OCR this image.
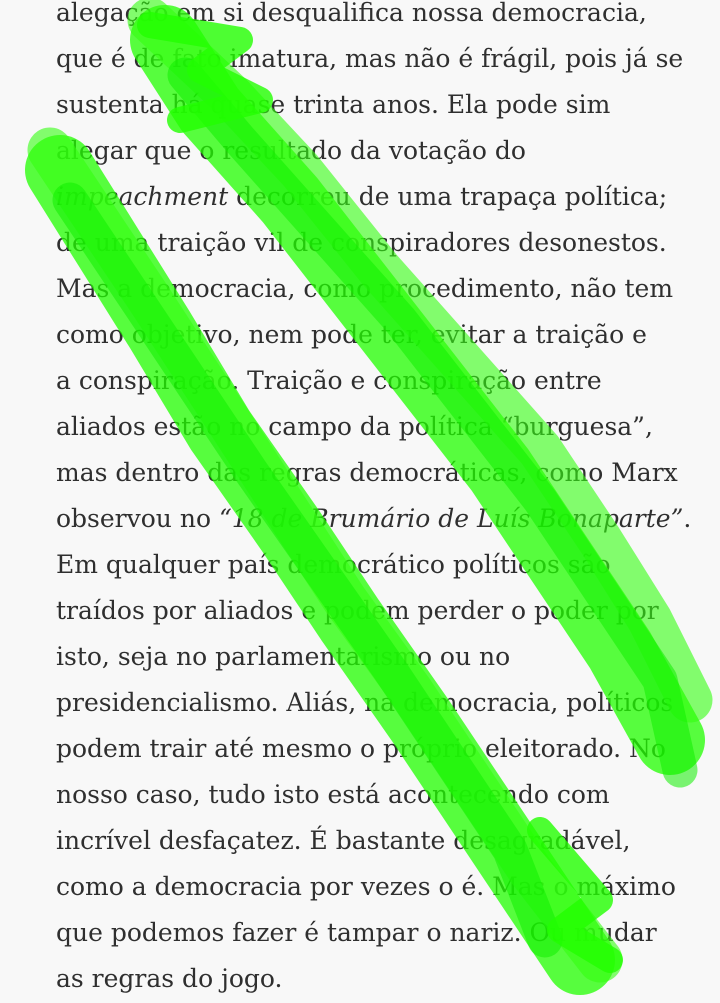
alegação em si desqualifica nossa democracia,
que é de fato imatura, mas não é frágil, pois já se
sustenta há quase trinta anos. Ela pode sim
alegar que o resultado da votação do
impeachment decorreu de uma trapaça política;
de uma traição vil de conspiradores desonestos.
Mas a democracia, como procedimento, não tem
como objetivo, nem pode ter, evitar a traição e
a conspiração. Traição e conspiração entre
aliados estão no campo da política “burguesa”,
mas dentro das regras democráticas, como Marx
observou no “18 de Brumário de Luís Bonaparte”.
Em qualquer país democrático políticos são
traídos por aliados e podem perder o poder por
isto, seja no parlamentarismo ou no
presidencialismo. Aliás, na democracia, políticos
podem trair até mesmo o próprio eleitorado. No
nosso caso, tudo isto está acontecendo com
incrível desfaçatez. É bastante desagradável,
como a democracia por vezes o é. Mas o máximo
que podemos fazer é tampar o nariz. Ou mudar
as regras do jogo.
